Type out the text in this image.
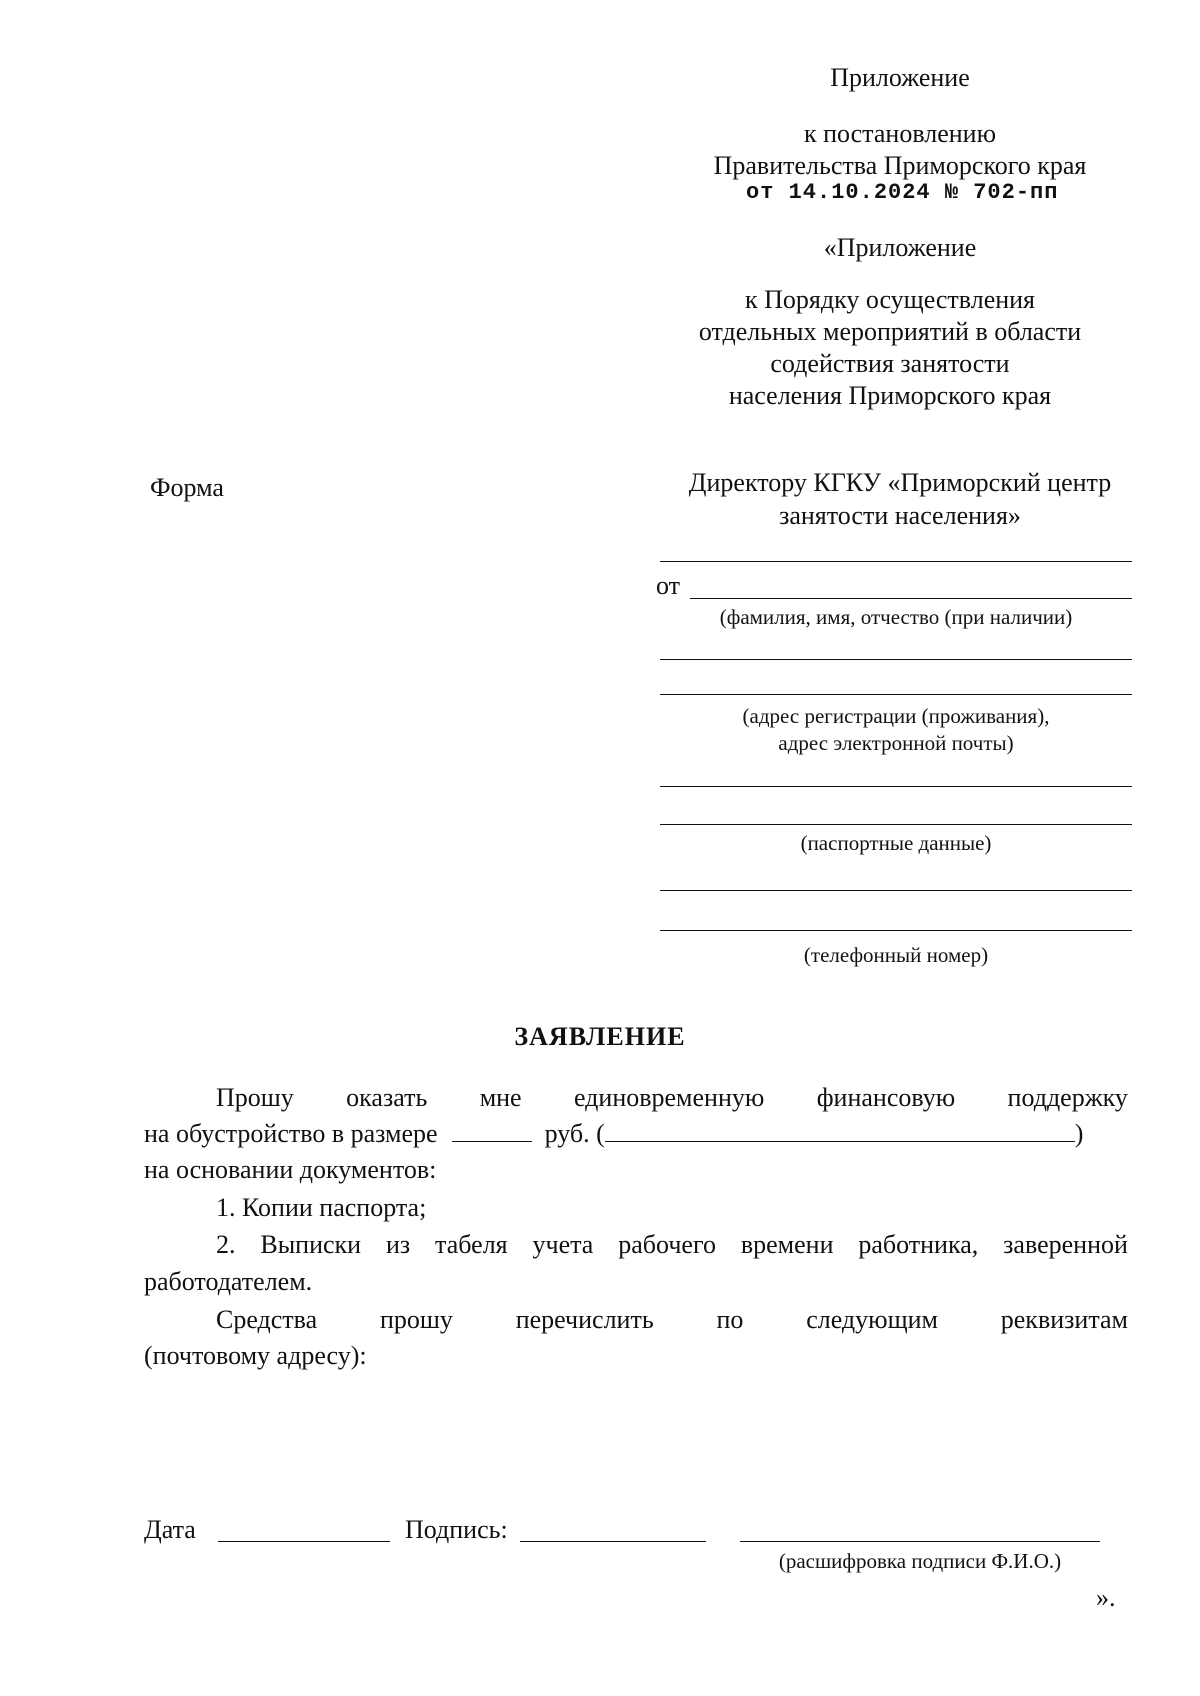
Приложение
к постановлению
Правительства Приморского края
от 14.10.2024 № 702-пп
«Приложение
к Порядку осуществления
отдельных мероприятий в области
содействия занятости
населения Приморского края
Форма	Директору КГКУ «Приморский центр
занятости населения»
от
(фамилия, имя, отчество (при наличии)
(адрес регистрации (проживания),
адрес электронной почты)
(паспортные данные)
(телефонный номер)
ЗАЯВЛЕНИЕ
Прошу оказать мне единовременную финансовую поддержку
на обустройство в размере	руб. (	)
на основании документов:
1. Копии паспорта;
2. Выписки из табеля учета рабочего времени работника, заверенной
работодателем.
Средства прошу перечислить по следующим реквизитам
(почтовому адресу):
Дата	Подпись:
(расшифровка подписи Ф.И.О.)
».
